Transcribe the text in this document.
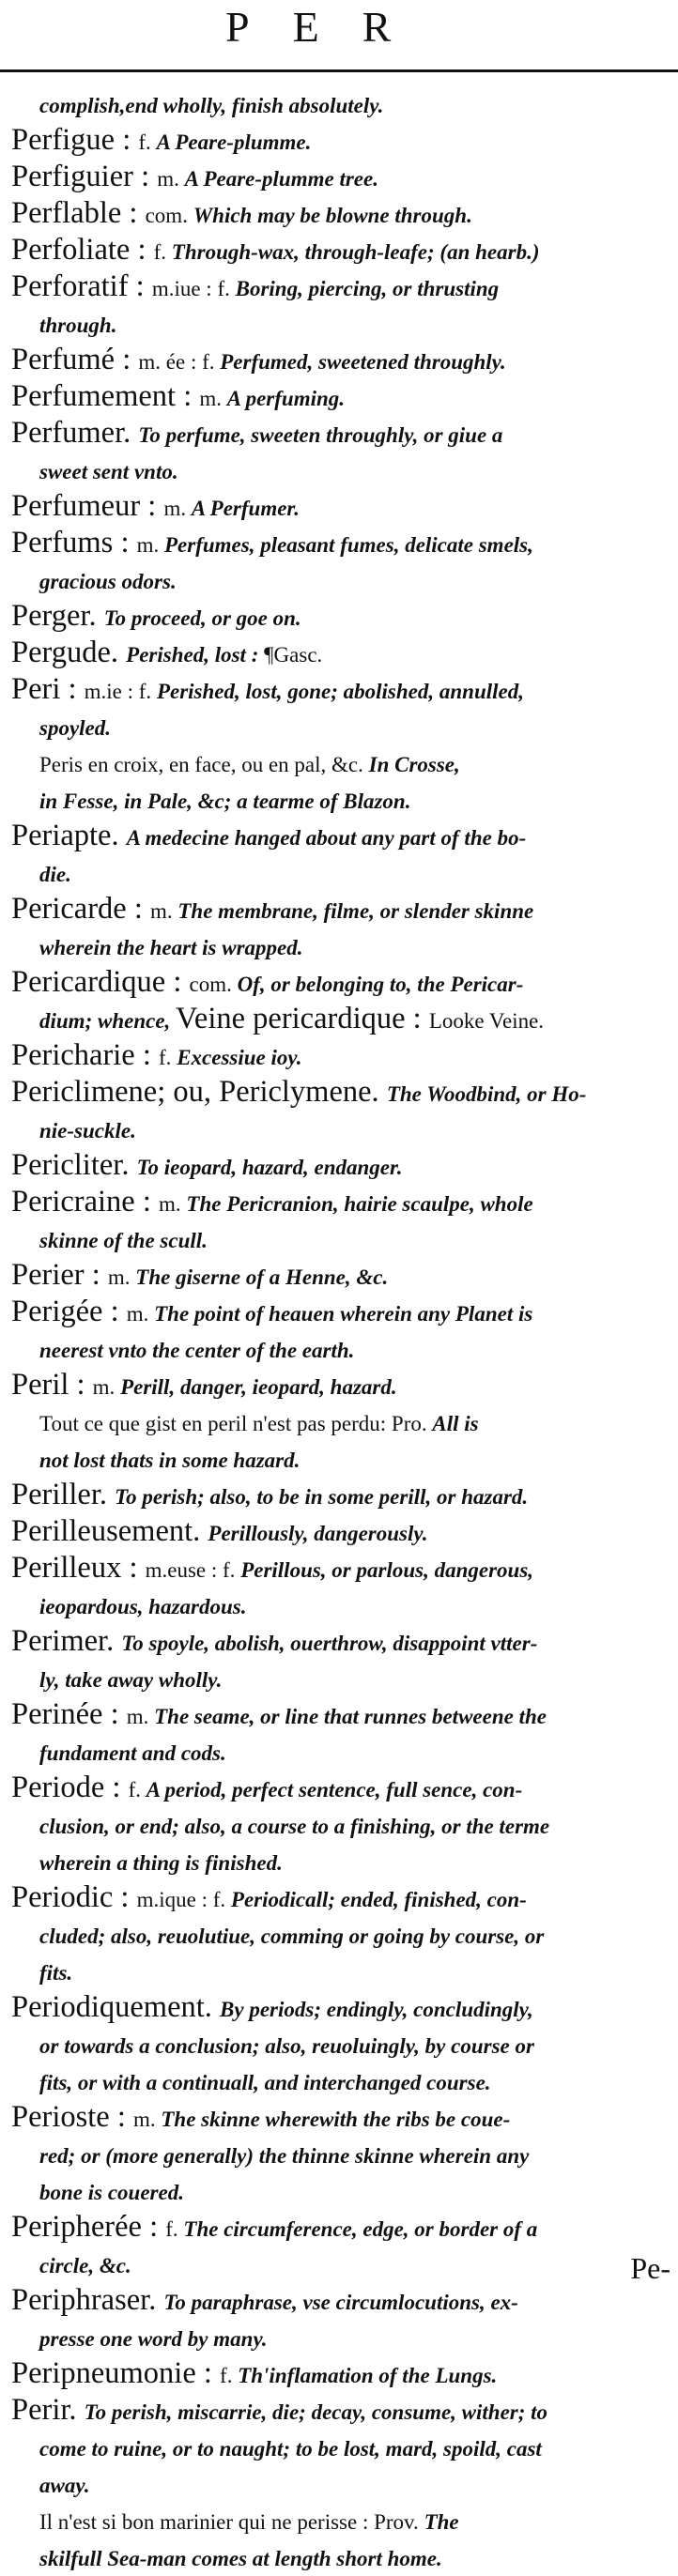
PER
complish,end wholly, finish absolutely.
Perfigue : f. A Peare-plumme.
Perfiguier : m. A Peare-plumme tree.
Perflable : com. Which may be blowne through.
Perfoliate : f. Through-wax, through-leafe; (an hearb.)
Perforatif : m.iue : f. Boring, piercing, or thrusting
through.
Perfumé : m. ée : f. Perfumed, sweetened throughly.
Perfumement : m. A perfuming.
Perfumer. To perfume, sweeten throughly, or giue a
sweet sent vnto.
Perfumeur : m. A Perfumer.
Perfums : m. Perfumes, pleasant fumes, delicate smels,
gracious odors.
Perger. To proceed, or goe on.
Pergude. Perished, lost : ¶Gasc.
Peri : m.ie : f. Perished, lost, gone; abolished, annulled,
spoyled.
Peris en croix, en face, ou en pal, &c. In Crosse,
in Fesse, in Pale, &c; a tearme of Blazon.
Periapte. A medecine hanged about any part of the bo-
die.
Pericarde : m. The membrane, filme, or slender skinne
wherein the heart is wrapped.
Pericardique : com. Of, or belonging to, the Pericar-
dium; whence, Veine pericardique : Looke Veine.
Pericharie : f. Excessiue ioy.
Periclimene; ou, Periclymene. The Woodbind, or Ho-
nie-suckle.
Pericliter. To ieopard, hazard, endanger.
Pericraine : m. The Pericranion, hairie scaulpe, whole
skinne of the scull.
Perier : m. The giserne of a Henne, &c.
Perigée : m. The point of heauen wherein any Planet is
neerest vnto the center of the earth.
Peril : m. Perill, danger, ieopard, hazard.
Tout ce que gist en peril n'est pas perdu: Pro. All is
not lost thats in some hazard.
Periller. To perish; also, to be in some perill, or hazard.
Perilleusement. Perillously, dangerously.
Perilleux : m.euse : f. Perillous, or parlous, dangerous,
ieopardous, hazardous.
Perimer. To spoyle, abolish, ouerthrow, disappoint vtter-
ly, take away wholly.
Perinée : m. The seame, or line that runnes betweene the
fundament and cods.
Periode : f. A period, perfect sentence, full sence, con-
clusion, or end; also, a course to a finishing, or the terme
wherein a thing is finished.
Periodic : m.ique : f. Periodicall; ended, finished, con-
cluded; also, reuolutiue, comming or going by course, or
fits.
Periodiquement. By periods; endingly, concludingly,
or towards a conclusion; also, reuoluingly, by course or
fits, or with a continuall, and interchanged course.
Perioste : m. The skinne wherewith the ribs be coue-
red; or (more generally) the thinne skinne wherein any
bone is couered.
Peripherée : f. The circumference, edge, or border of a
circle, &c.
Periphraser. To paraphrase, vse circumlocutions, ex-
presse one word by many.
Peripneumonie : f. Th'inflamation of the Lungs.
Perir. To perish, miscarrie, die; decay, consume, wither; to
come to ruine, or to naught; to be lost, mard, spoild, cast
away.
Il n'est si bon marinier qui ne perisse : Prov. The
skilfull Sea-man comes at length short home.
Pe-
